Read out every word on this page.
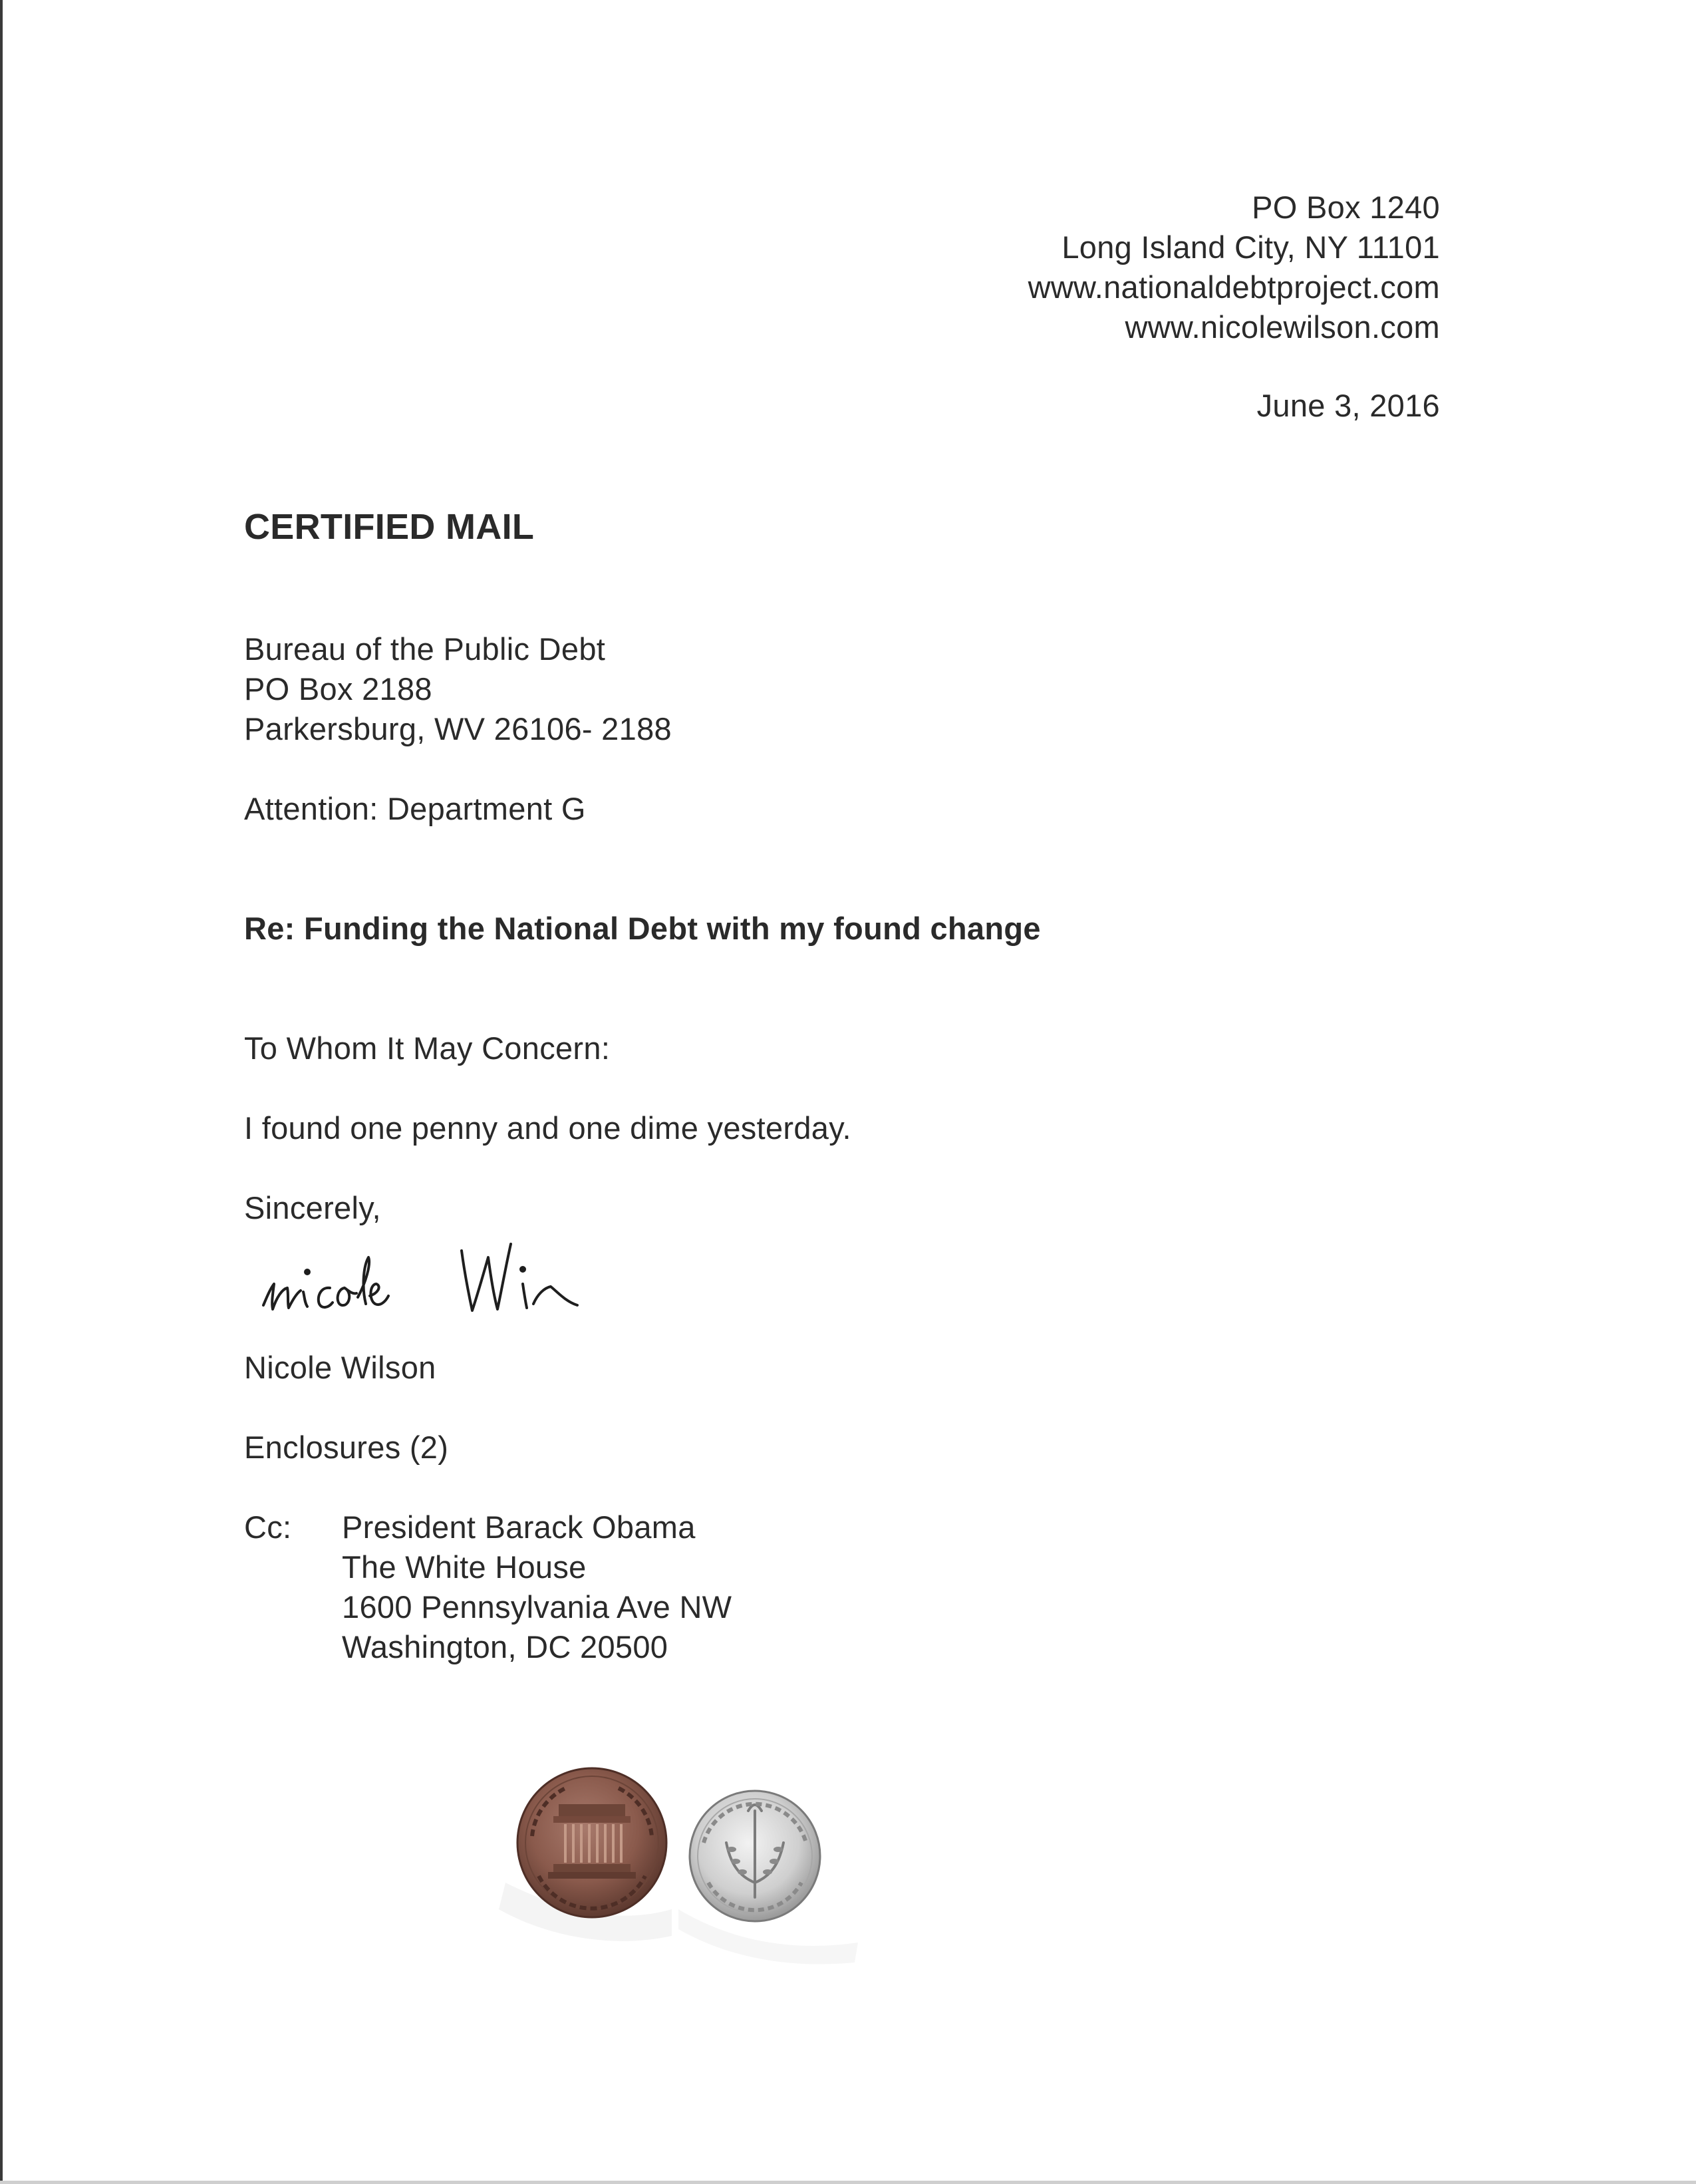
PO Box 1240
Long Island City, NY 11101
www.nationaldebtproject.com
www.nicolewilson.com
June 3, 2016
CERTIFIED MAIL
Bureau of the Public Debt
PO Box 2188
Parkersburg, WV 26106- 2188
Attention: Department G
Re: Funding the National Debt with my found change
To Whom It May Concern:
I found one penny and one dime yesterday.
Sincerely,
Nicole Wilson
Enclosures (2)
Cc: President Barack Obama
The White House
1600 Pennsylvania Ave NW
Washington, DC 20500
